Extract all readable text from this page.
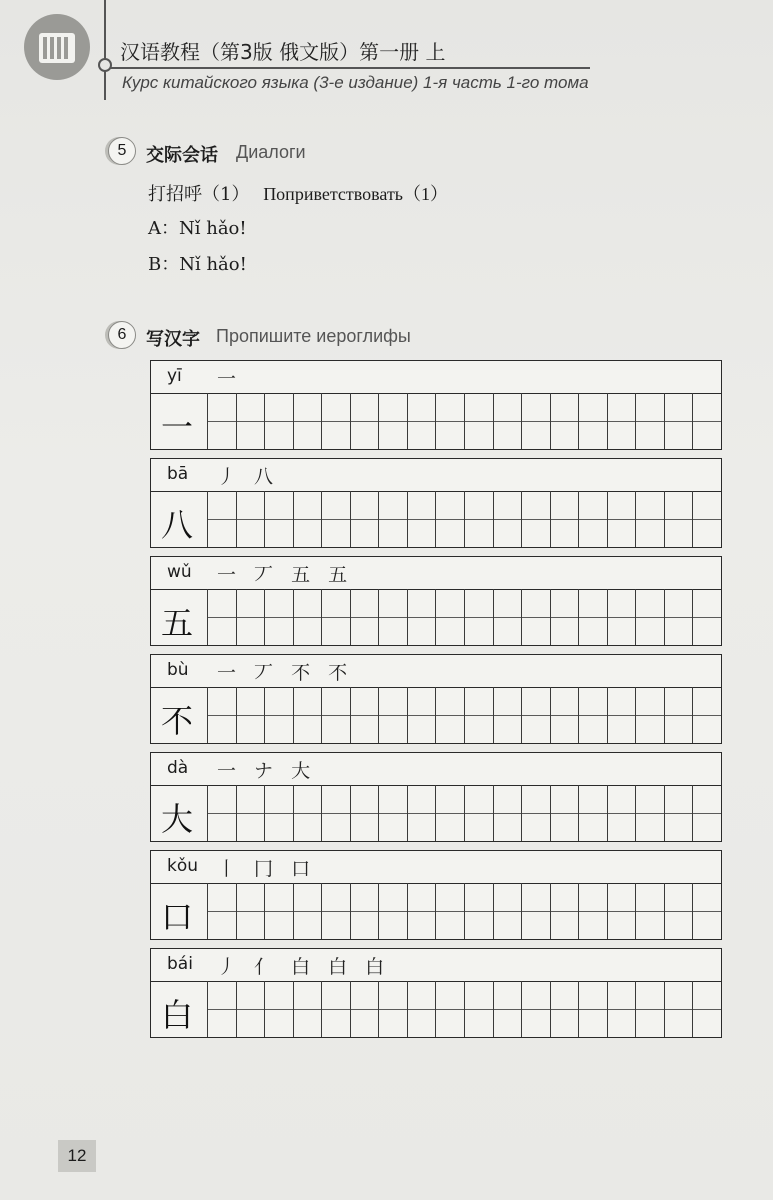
汉语教程（第3版 俄文版）第一册 上
Курс китайского языка (3-е издание) 1-я часть 1-го тома
5	交际会话 Диалоги
打招呼（1） Поприветствовать（1）
A：Nǐ hǎo!
B：Nǐ hǎo!
6	写汉字 Пропишите иероглифы
yī 一
一
bā 丿 八
八
wǔ 一 丆 五 五
五
bù 一 丆 不 不
不
dà 一 ナ 大
大
kǒu 丨 冂 口
口
bái 丿 亻 白 白 白
白
12
